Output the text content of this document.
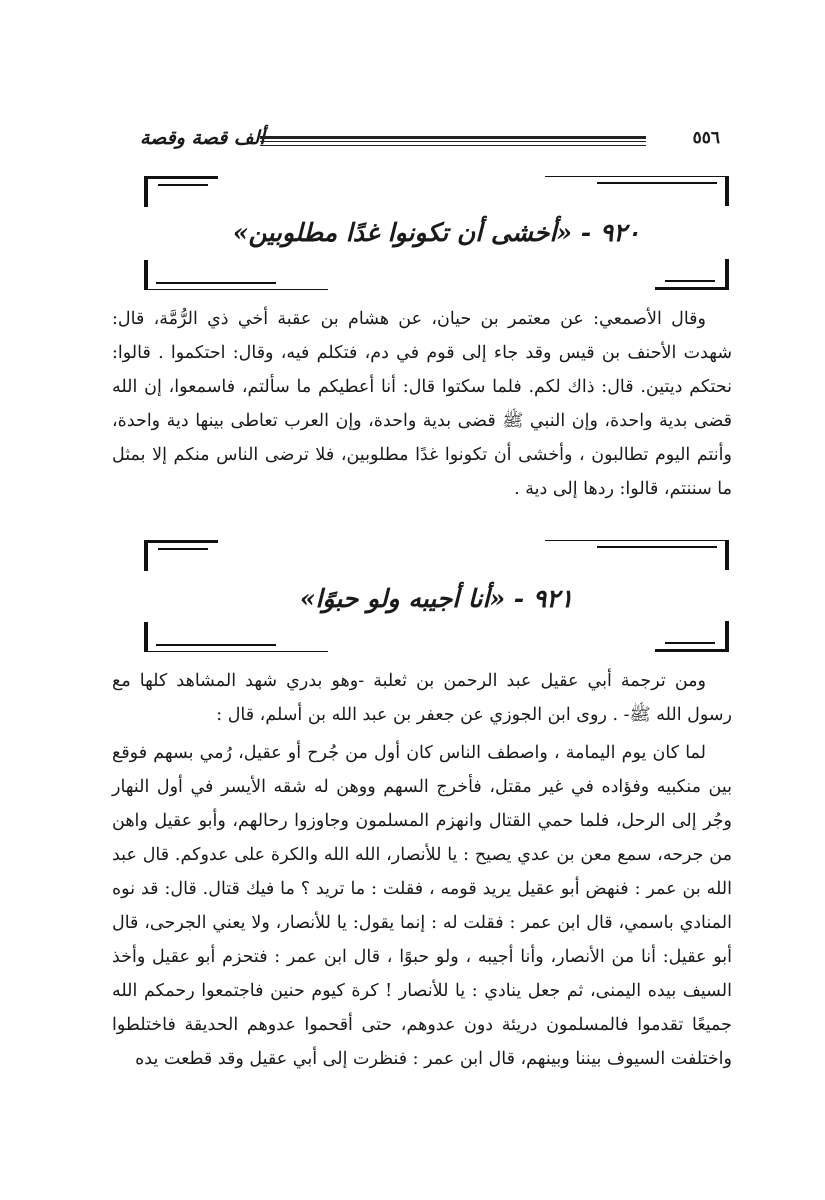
ألف قصة وقصة	٥٥٦
٩٢٠ - «أخشى أن تكونوا غدًا مطلوبين»

وقال الأصمعي: عن معتمر بن حيان، عن هشام بن عقبة أخي ذي الرُّمَّة، قال: شهدت الأحنف بن قيس وقد جاء إلى قوم في دم، فتكلم فيه، وقال: احتكموا . قالوا: نحتكم ديتين. قال: ذاك لكم. فلما سكتوا قال: أنا أعطيكم ما سألتم، فاسمعوا، إن الله قضى بدية واحدة، وإن النبي ﷺ قضى بدية واحدة، وإن العرب تعاطى بينها دية واحدة، وأنتم اليوم تطالبون ، وأخشى أن تكونوا غدًا مطلوبين، فلا ترضى الناس منكم إلا بمثل ما سننتم، قالوا: ردها إلى دية .

٩٢١ - «أنا أجيبه ولو حبوًا»

ومن ترجمة أبي عقيل عبد الرحمن بن ثعلبة -وهو بدري شهد المشاهد كلها مع رسول الله ﷺ- . روى ابن الجوزي عن جعفر بن عبد الله بن أسلم، قال :

لما كان يوم اليمامة ، واصطف الناس كان أول من جُرح أو عقيل، رُمي بسهم فوقع بين منكبيه وفؤاده في غير مقتل، فأخرج السهم ووهن له شقه الأيسر في أول النهار وجُر إلى الرحل، فلما حمي القتال وانهزم المسلمون وجاوزوا رحالهم، وأبو عقيل واهن من جرحه، سمع معن بن عدي يصيح : يا للأنصار، الله الله والكرة على عدوكم. قال عبد الله بن عمر : فنهض أبو عقيل يريد قومه ، فقلت : ما تريد ؟ ما فيك قتال. قال: قد نوه المنادي باسمي، قال ابن عمر : فقلت له : إنما يقول: يا للأنصار، ولا يعني الجرحى، قال أبو عقيل: أنا من الأنصار، وأنا أجيبه ، ولو حبوًا ، قال ابن عمر : فتحزم أبو عقيل وأخذ السيف بيده اليمنى، ثم جعل ينادي : يا للأنصار ! كرة كيوم حنين فاجتمعوا رحمكم الله جميعًا تقدموا فالمسلمون دريئة دون عدوهم، حتى أقحموا عدوهم الحديقة فاختلطوا واختلفت السيوف بيننا وبينهم، قال ابن عمر : فنظرت إلى أبي عقيل وقد قطعت يده
